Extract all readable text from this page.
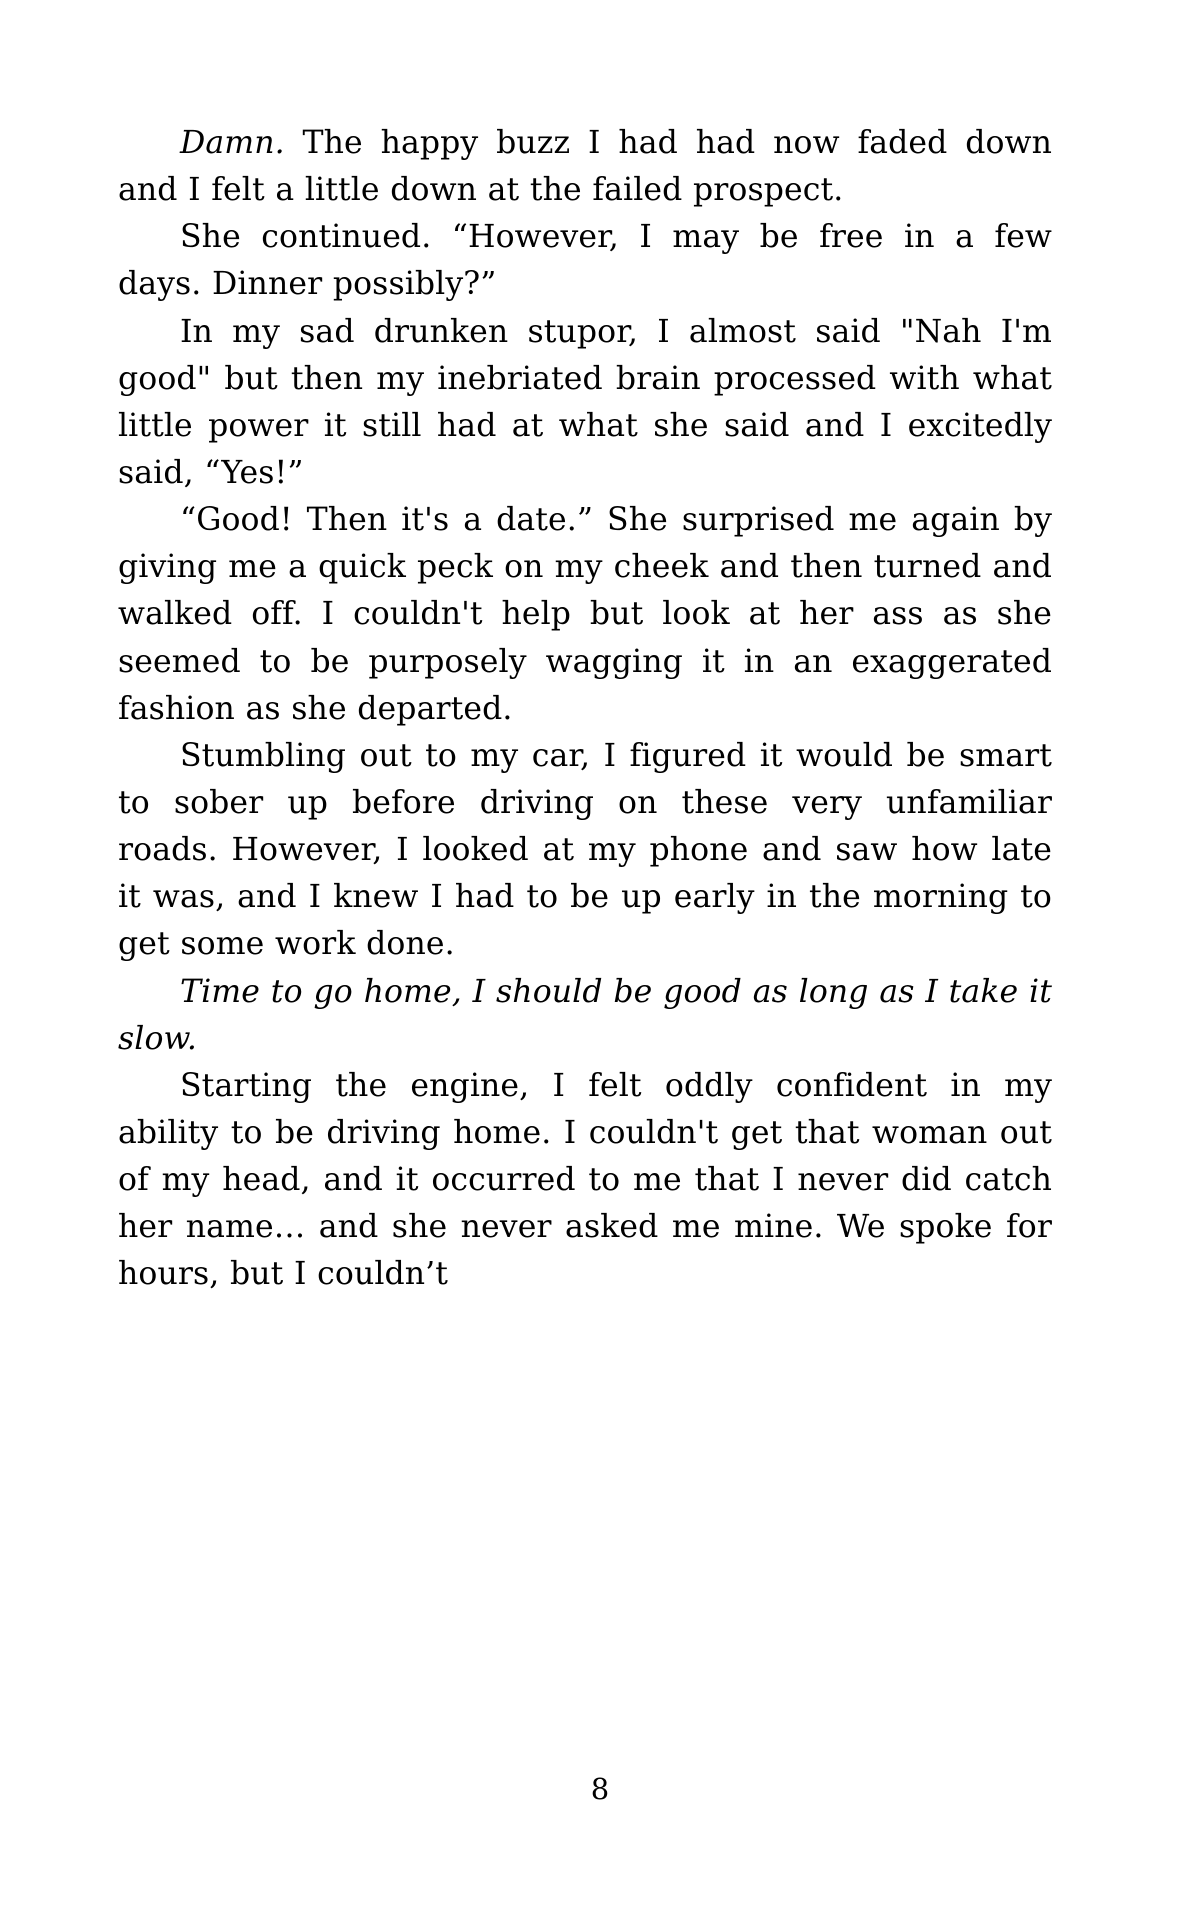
Damn. The happy buzz I had had now faded down and I felt a little down at the failed prospect.

She continued. “However, I may be free in a few days. Dinner possibly?”

In my sad drunken stupor, I almost said "Nah I'm good" but then my inebriated brain processed with what little power it still had at what she said and I excitedly said, “Yes!”

“Good! Then it's a date.” She surprised me again by giving me a quick peck on my cheek and then turned and walked off. I couldn't help but look at her ass as she seemed to be purposely wagging it in an exaggerated fashion as she departed.

Stumbling out to my car, I figured it would be smart to sober up before driving on these very unfamiliar roads. However, I looked at my phone and saw how late it was, and I knew I had to be up early in the morning to get some work done.

Time to go home, I should be good as long as I take it slow.

Starting the engine, I felt oddly confident in my ability to be driving home. I couldn't get that woman out of my head, and it occurred to me that I never did catch her name… and she never asked me mine. We spoke for hours, but I couldn’t

8
